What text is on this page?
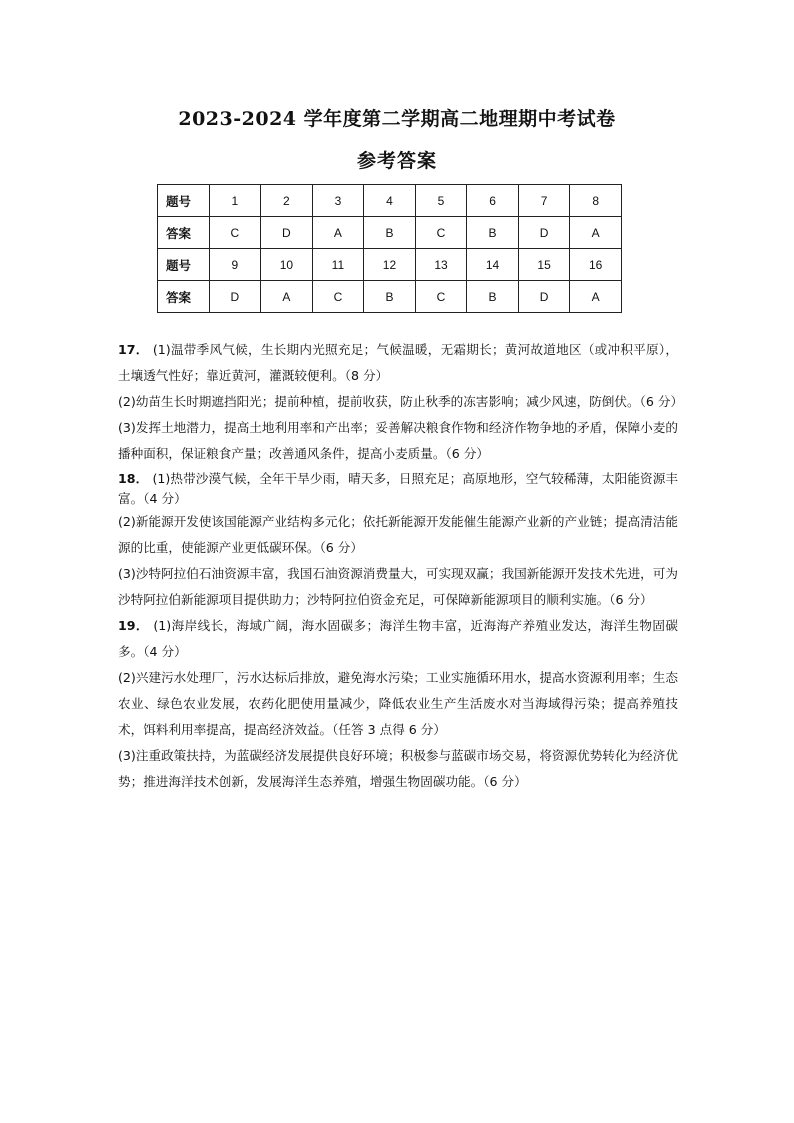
2023-2024 学年度第二学期高二地理期中考试卷
参考答案
题号	1	2	3	4	5	6	7	8
答案	C	D	A	B	C	B	D	A
题号	9	10	11	12	13	14	15	16
答案	D	A	C	B	C	B	D	A

17． (1)温带季风气候，生长期内光照充足；气候温暖，无霜期长；黄河故道地区（或冲积平原），土壤透气性好；靠近黄河，灌溉较便利。（8 分）

(2)幼苗生长时期遮挡阳光；提前种植，提前收获，防止秋季的冻害影响；减少风速，防倒伏。（6 分）

(3)发挥土地潜力，提高土地利用率和产出率；妥善解决粮食作物和经济作物争地的矛盾，保障小麦的播种面积，保证粮食产量；改善通风条件，提高小麦质量。（6 分）

18． (1)热带沙漠气候，全年干旱少雨，晴天多，日照充足；高原地形，空气较稀薄，太阳能资源丰富。（4 分）

(2)新能源开发使该国能源产业结构多元化；依托新能源开发能催生能源产业新的产业链；提高清洁能源的比重，使能源产业更低碳环保。（6 分）

(3)沙特阿拉伯石油资源丰富，我国石油资源消费量大，可实现双赢；我国新能源开发技术先进，可为沙特阿拉伯新能源项目提供助力；沙特阿拉伯资金充足，可保障新能源项目的顺利实施。（6 分）

19． (1)海岸线长，海域广阔，海水固碳多；海洋生物丰富，近海海产养殖业发达，海洋生物固碳多。（4 分）

(2)兴建污水处理厂，污水达标后排放，避免海水污染；工业实施循环用水，提高水资源利用率；生态农业、绿色农业发展，农药化肥使用量减少，降低农业生产生活废水对当海域得污染；提高养殖技术，饵料利用率提高，提高经济效益。（任答 3 点得 6 分）

(3)注重政策扶持，为蓝碳经济发展提供良好环境；积极参与蓝碳市场交易，将资源优势转化为经济优势；推进海洋技术创新，发展海洋生态养殖，增强生物固碳功能。（6 分）
